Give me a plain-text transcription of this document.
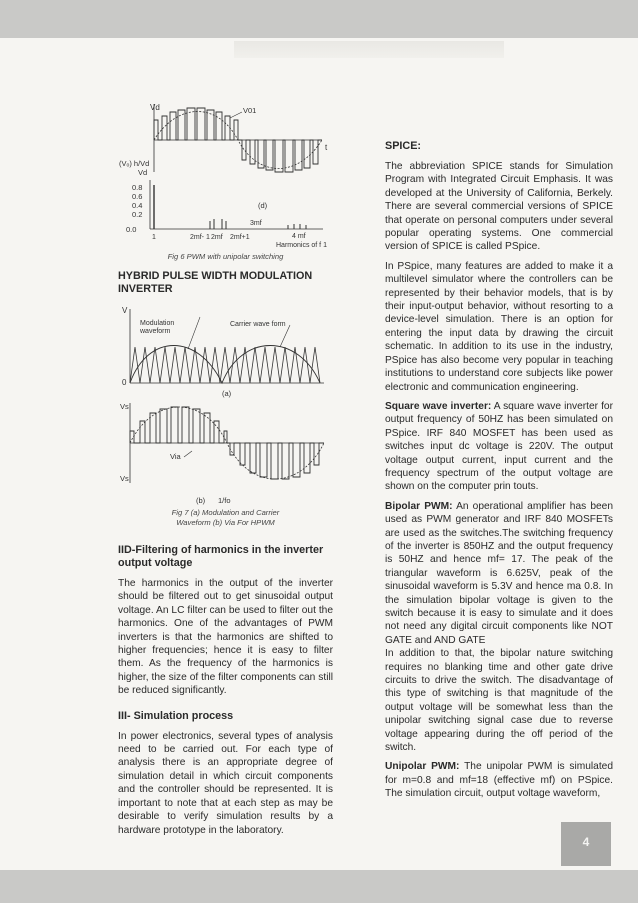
Vd	V01
t
(Vₒ) h/Vd
Vd
0.8
0.6
0.4
0.2
0.0
(d)
1	2mf- 1 2mf 2mf+1
3mf
4 mf
Harmonics of f 1

Fig 6 PWM with unipolar switching

HYBRID PULSE WIDTH MODULATION INVERTER
V
0
Modulation
waveform
Carrier wave form
(a)
Vs
Via
Vs
(b) 1/fo

Fig 7 (a) Modulation and Carrier
Waveform (b) Via For HPWM

IID-Filtering of harmonics in the inverter output voltage

The harmonics in the output of the inverter should be filtered out to get sinusoidal output voltage. An LC filter can be used to filter out the harmonics. One of the advantages of PWM inverters is that the harmonics are shifted to higher frequencies; hence it is easy to filter them. As the frequency of the harmonics is higher, the size of the filter components can still be reduced significantly.

III- Simulation process

In power electronics, several types of analysis need to be carried out. For each type of analysis there is an appropriate degree of simulation detail in which circuit components and the controller should be represented. It is important to note that at each step as may be desirable to verify simulation results by a hardware prototype in the laboratory.

SPICE:

The abbreviation SPICE stands for Simulation Program with Integrated Circuit Emphasis. It was developed at the University of California, Berkely. There are several commercial versions of SPICE that operate on personal computers under several popular operating systems. One commercial version of SPICE is called PSpice.

In PSpice, many features are added to make it a multilevel simulator where the controllers can be represented by their behavior models, that is by their input-output behavior, without resorting to a device-level simulation. There is an option for entering the input data by drawing the circuit schematic. In addition to its use in the industry, PSpice has also become very popular in teaching institutions to understand core subjects like power electronic and communication engineering.

Square wave inverter: A square wave inverter for output frequency of 50HZ has been simulated on PSpice. IRF 840 MOSFET has been used as switches input dc voltage is 220V. The output voltage output current, input current and the frequency spectrum of the output voltage are shown on the computer prin touts.

Bipolar PWM: An operational amplifier has been used as PWM generator and IRF 840 MOSFETs are used as the switches.The switching frequency of the inverter is 850HZ and the output frequency is 50HZ and hence mf= 17. The peak of the triangular waveform is 6.625V, peak of the sinusoidal waveform is 5.3V and hence ma 0.8. In the simulation bipolar voltage is given to the switch because it is easy to simulate and it does not need any digital circuit components like NOT GATE and AND GATE

In addition to that, the bipolar nature switching requires no blanking time and other gate drive circuits to drive the switch. The disadvantage of this type of switching is that magnitude of the output voltage will be somewhat less than the unipolar switching signal case due to reverse voltage appearing during the off period of the switch.

Unipolar PWM: The unipolar PWM is simulated for m=0.8 and mf=18 (effective mf) on PSpice. The simulation circuit, output voltage waveform,

4
